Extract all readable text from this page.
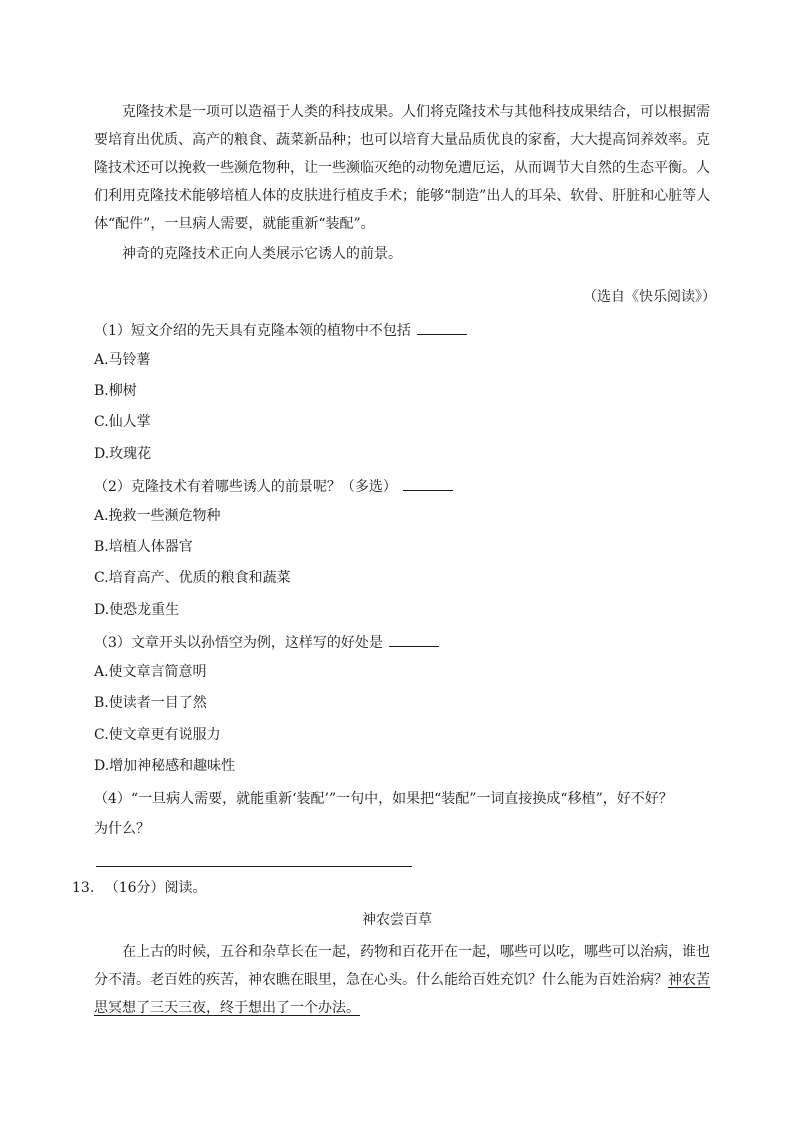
克隆技术是一项可以造福于人类的科技成果。人们将克隆技术与其他科技成果结合，可以根据需要培育出优质、高产的粮食、蔬菜新品种；也可以培育大量品质优良的家畜，大大提高饲养效率。克隆技术还可以挽救一些濒危物种，让一些濒临灭绝的动物免遭厄运，从而调节大自然的生态平衡。人们利用克隆技术能够培植人体的皮肤进行植皮手术；能够“制造”出人的耳朵、软骨、肝脏和心脏等人体“配件”，一旦病人需要，就能重新“装配”。

神奇的克隆技术正向人类展示它诱人的前景。

（选自《快乐阅读》）
（1）短文介绍的先天具有克隆本领的植物中不包括
A.马铃薯
B.柳树
C.仙人掌
D.玫瑰花
（2）克隆技术有着哪些诱人的前景呢？（多选）
A.挽救一些濒危物种
B.培植人体器官
C.培育高产、优质的粮食和蔬菜
D.使恐龙重生
（3）文章开头以孙悟空为例，这样写的好处是
A.使文章言简意明
B.使读者一目了然
C.使文章更有说服力
D.增加神秘感和趣味性
（4）“一旦病人需要，就能重新‘装配’”一句中，如果把“装配”一词直接换成“移植”，好不好？
为什么？
13. （16分）阅读。
神农尝百草

在上古的时候，五谷和杂草长在一起，药物和百花开在一起，哪些可以吃，哪些可以治病，谁也分不清。老百姓的疾苦，神农瞧在眼里，急在心头。什么能给百姓充饥？什么能为百姓治病？神农苦思冥想了三天三夜，终于想出了一个办法。
